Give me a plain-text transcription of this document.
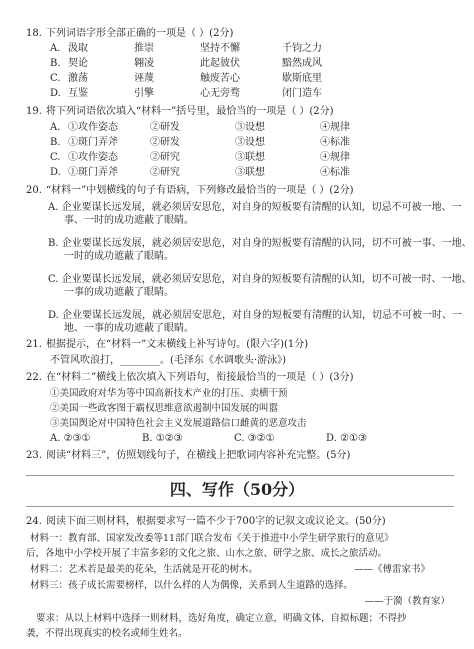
18. 下列词语字形全部正确的一项是（ ）(2分)
A. 汲取	推崇	坚持不懈	千钧之力
B. 契论	翱凌	此起彼伏	黯然成风
C. 激荡	诬蔑	触废苦心	歇斯底里
D. 互鉴	引擎	心无旁骛	闭门造车
19. 将下列词语依次填入“材料一”括号里，最恰当的一项是（ ）(2分)
A. ①攻作姿态	②研发	③设想	④规律
B. ①斑门弄斧	②研发	③设想	④标准
C. ①攻作姿态	②研究	③联想	④规律
D. ①斑门弄斧	②研究	③联想	④标准
20. “材料一”中划横线的句子有语病，下列修改最恰当的一项是（ ）(2分)
A. 企业要谋长远发展，就必须居安思危，对自身的短板要有清醒的认知，切忌不可被一地、一事、一时的成功遮蔽了眼睛。
B. 企业要谋长远发展，就必须居安思危，对自身的短板要有清醒的认同，切不可被一事、一地、一时的成功遮蔽了眼睛。
C. 企业要谋长远发展，就必须居安思危，对自身的短板要有清醒的认知，切不可被一时、一地、一事的成功遮蔽了眼睛。
D. 企业要谋长远发展，就必须居安思危，对自身的短板要有清醒的认知，切忌不可被一时、一地、一事的成功遮蔽了眼睛。
21. 根据提示，在“材料一”文末横线上补写诗句。(限六字)(1分)
不管风吹浪打，________。(毛泽东《水调歌头·游泳》)
22. 在“材料二”横线上依次填入下列语句，衔接最恰当的一项是（ ）(3分)
①美国政府对华为等中国高新技术产业的打压、卖横干预
②美国一些政客图于霸权思维意欲遏制中国发展的叫嚣
③美国舆论对中国特色社会主义发展道路信口雌黄的恶意攻击
A. ②③①	B. ①②③	C. ③②①	D. ②①③
23. 阅读“材料三”，仿照划线句子，在横线上把歌词内容补充完整。(5分)
四、写作（50分）
24. 阅读下面三则材料，根据要求写一篇不少于700字的记叙文或议论文。(50分)
材料一：教育部、国家发改委等11部门联合发布《关于推进中小学生研学旅行的意见》
后，各地中小学校开展了丰富多彩的文化之旅、山水之旅、研学之旅、成长之旅活动。
材料二：艺术若是最美的花朵，生活就是开花的树木。	——《傅雷家书》
材料三：孩子成长需要榜样，以什么样的人为偶像，关系到人生道路的选择。
——于漪（教育家）
要求：从以上材料中选择一则材料，选好角度，确定立意，明确文体，自拟标题；不得抄
袭，不得出现真实的校名或师生姓名。
